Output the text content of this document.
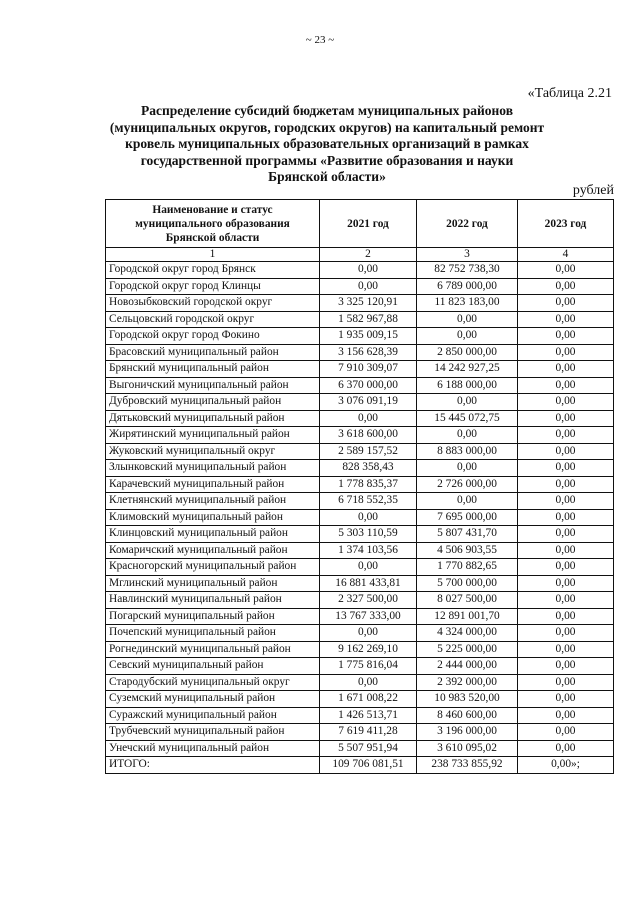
~ 23 ~
«Таблица 2.21
Распределение субсидий бюджетам муниципальных районов
(муниципальных округов, городских округов) на капитальный ремонт
кровель муниципальных образовательных организаций в рамках
государственной программы «Развитие образования и науки
Брянской области»
рублей
Наименование и статус муниципального образования Брянской области	2021 год	2022 год	2023 год
1	2	3	4
Городской округ город Брянск	0,00	82 752 738,30	0,00
Городской округ город Клинцы	0,00	6 789 000,00	0,00
Новозыбковский городской округ	3 325 120,91	11 823 183,00	0,00
Сельцовский городской округ	1 582 967,88	0,00	0,00
Городской округ город Фокино	1 935 009,15	0,00	0,00
Брасовский муниципальный район	3 156 628,39	2 850 000,00	0,00
Брянский муниципальный район	7 910 309,07	14 242 927,25	0,00
Выгоничский муниципальный район	6 370 000,00	6 188 000,00	0,00
Дубровский муниципальный район	3 076 091,19	0,00	0,00
Дятьковский муниципальный район	0,00	15 445 072,75	0,00
Жирятинский муниципальный район	3 618 600,00	0,00	0,00
Жуковский муниципальный округ	2 589 157,52	8 883 000,00	0,00
Злынковский муниципальный район	828 358,43	0,00	0,00
Карачевский муниципальный район	1 778 835,37	2 726 000,00	0,00
Клетнянский муниципальный район	6 718 552,35	0,00	0,00
Климовский муниципальный район	0,00	7 695 000,00	0,00
Клинцовский муниципальный район	5 303 110,59	5 807 431,70	0,00
Комаричский муниципальный район	1 374 103,56	4 506 903,55	0,00
Красногорский муниципальный район	0,00	1 770 882,65	0,00
Мглинский муниципальный район	16 881 433,81	5 700 000,00	0,00
Навлинский муниципальный район	2 327 500,00	8 027 500,00	0,00
Погарский муниципальный район	13 767 333,00	12 891 001,70	0,00
Почепский муниципальный район	0,00	4 324 000,00	0,00
Рогнединский муниципальный район	9 162 269,10	5 225 000,00	0,00
Севский муниципальный район	1 775 816,04	2 444 000,00	0,00
Стародубский муниципальный округ	0,00	2 392 000,00	0,00
Суземский муниципальный район	1 671 008,22	10 983 520,00	0,00
Суражский муниципальный район	1 426 513,71	8 460 600,00	0,00
Трубчевский муниципальный район	7 619 411,28	3 196 000,00	0,00
Унечский муниципальный район	5 507 951,94	3 610 095,02	0,00
ИТОГО:	109 706 081,51	238 733 855,92	0,00»;
